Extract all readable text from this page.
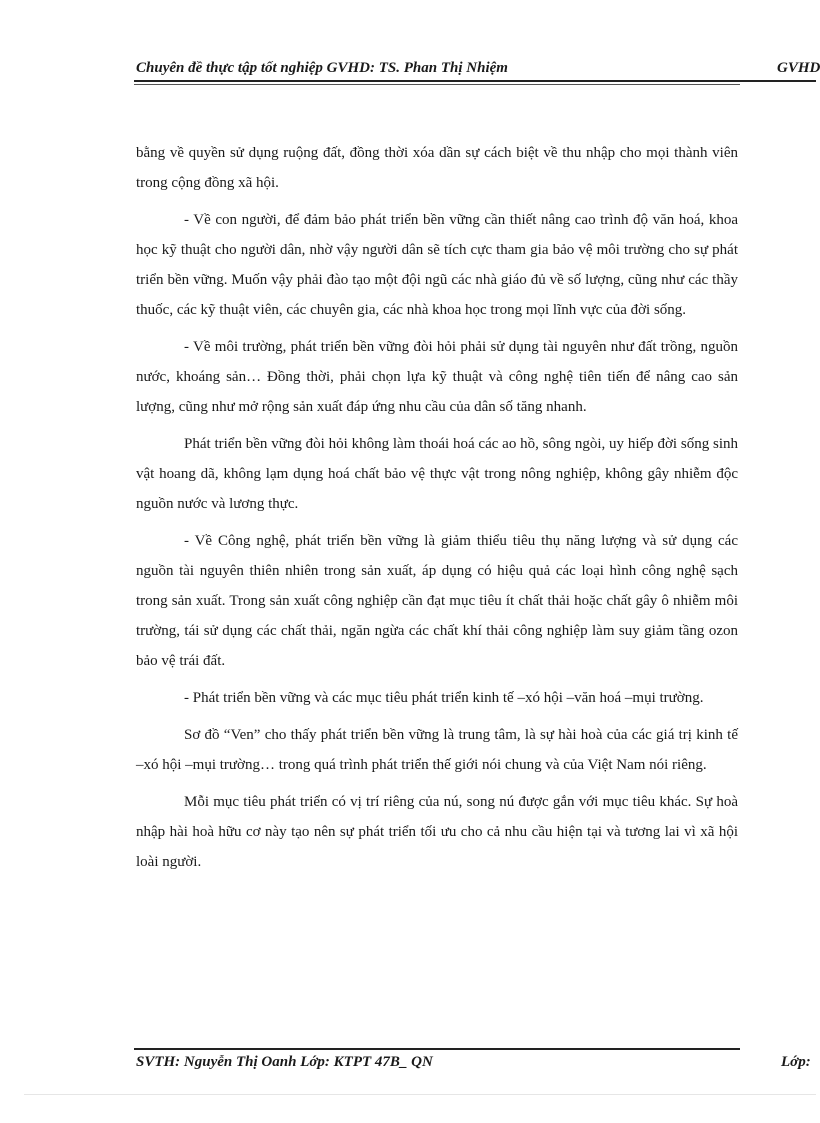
Chuyên đề thực tập tốt nghiệp GVHD: TS. Phan Thị Nhiệm	GVHD

bằng về quyền sử dụng ruộng đất, đồng thời xóa dần sự cách biệt về thu nhập cho mọi thành viên trong cộng đồng xã hội.

- Về con người, để đảm bảo phát triển bền vững cần thiết nâng cao trình độ văn hoá, khoa học kỹ thuật cho người dân, nhờ vậy người dân sẽ tích cực tham gia bảo vệ môi trường cho sự phát triển bền vững. Muốn vậy phải đào tạo một đội ngũ các nhà giáo đủ về số lượng, cũng như các thầy thuốc, các kỹ thuật viên, các chuyên gia, các nhà khoa học trong mọi lĩnh vực của đời sống.

- Về môi trường, phát triển bền vững đòi hỏi phải sử dụng tài nguyên như đất trồng, nguồn nước, khoáng sản… Đồng thời, phải chọn lựa kỹ thuật và công nghệ tiên tiến để nâng cao sản lượng, cũng như mở rộng sản xuất đáp ứng nhu cầu của dân số tăng nhanh.

Phát triển bền vững đòi hỏi không làm thoái hoá các ao hồ, sông ngòi, uy hiếp đời sống sinh vật hoang dã, không lạm dụng hoá chất bảo vệ thực vật trong nông nghiệp, không gây nhiễm độc nguồn nước và lương thực.

- Về Công nghệ, phát triển bền vững là giảm thiểu tiêu thụ năng lượng và sử dụng các nguồn tài nguyên thiên nhiên trong sản xuất, áp dụng có hiệu quả các loại hình công nghệ sạch trong sản xuất. Trong sản xuất công nghiệp cần đạt mục tiêu ít chất thải hoặc chất gây ô nhiễm môi trường, tái sử dụng các chất thải, ngăn ngừa các chất khí thải công nghiệp làm suy giảm tầng ozon bảo vệ trái đất.

- Phát triển bền vững và các mục tiêu phát triển kinh tế –xó hội –văn hoá –mụi trường.

Sơ đồ “Ven” cho thấy phát triển bền vững là trung tâm, là sự hài hoà của các giá trị kinh tế –xó hội –mụi trường… trong quá trình phát triển thế giới nói chung và của Việt Nam nói riêng.

Mỗi mục tiêu phát triển có vị trí riêng của nú, song nú được gắn với mục tiêu khác. Sự hoà nhập hài hoà hữu cơ này tạo nên sự phát triển tối ưu cho cả nhu cầu hiện tại và tương lai vì xã hội loài người.

SVTH: Nguyễn Thị Oanh Lớp: KTPT 47B_ QN	Lớp:
